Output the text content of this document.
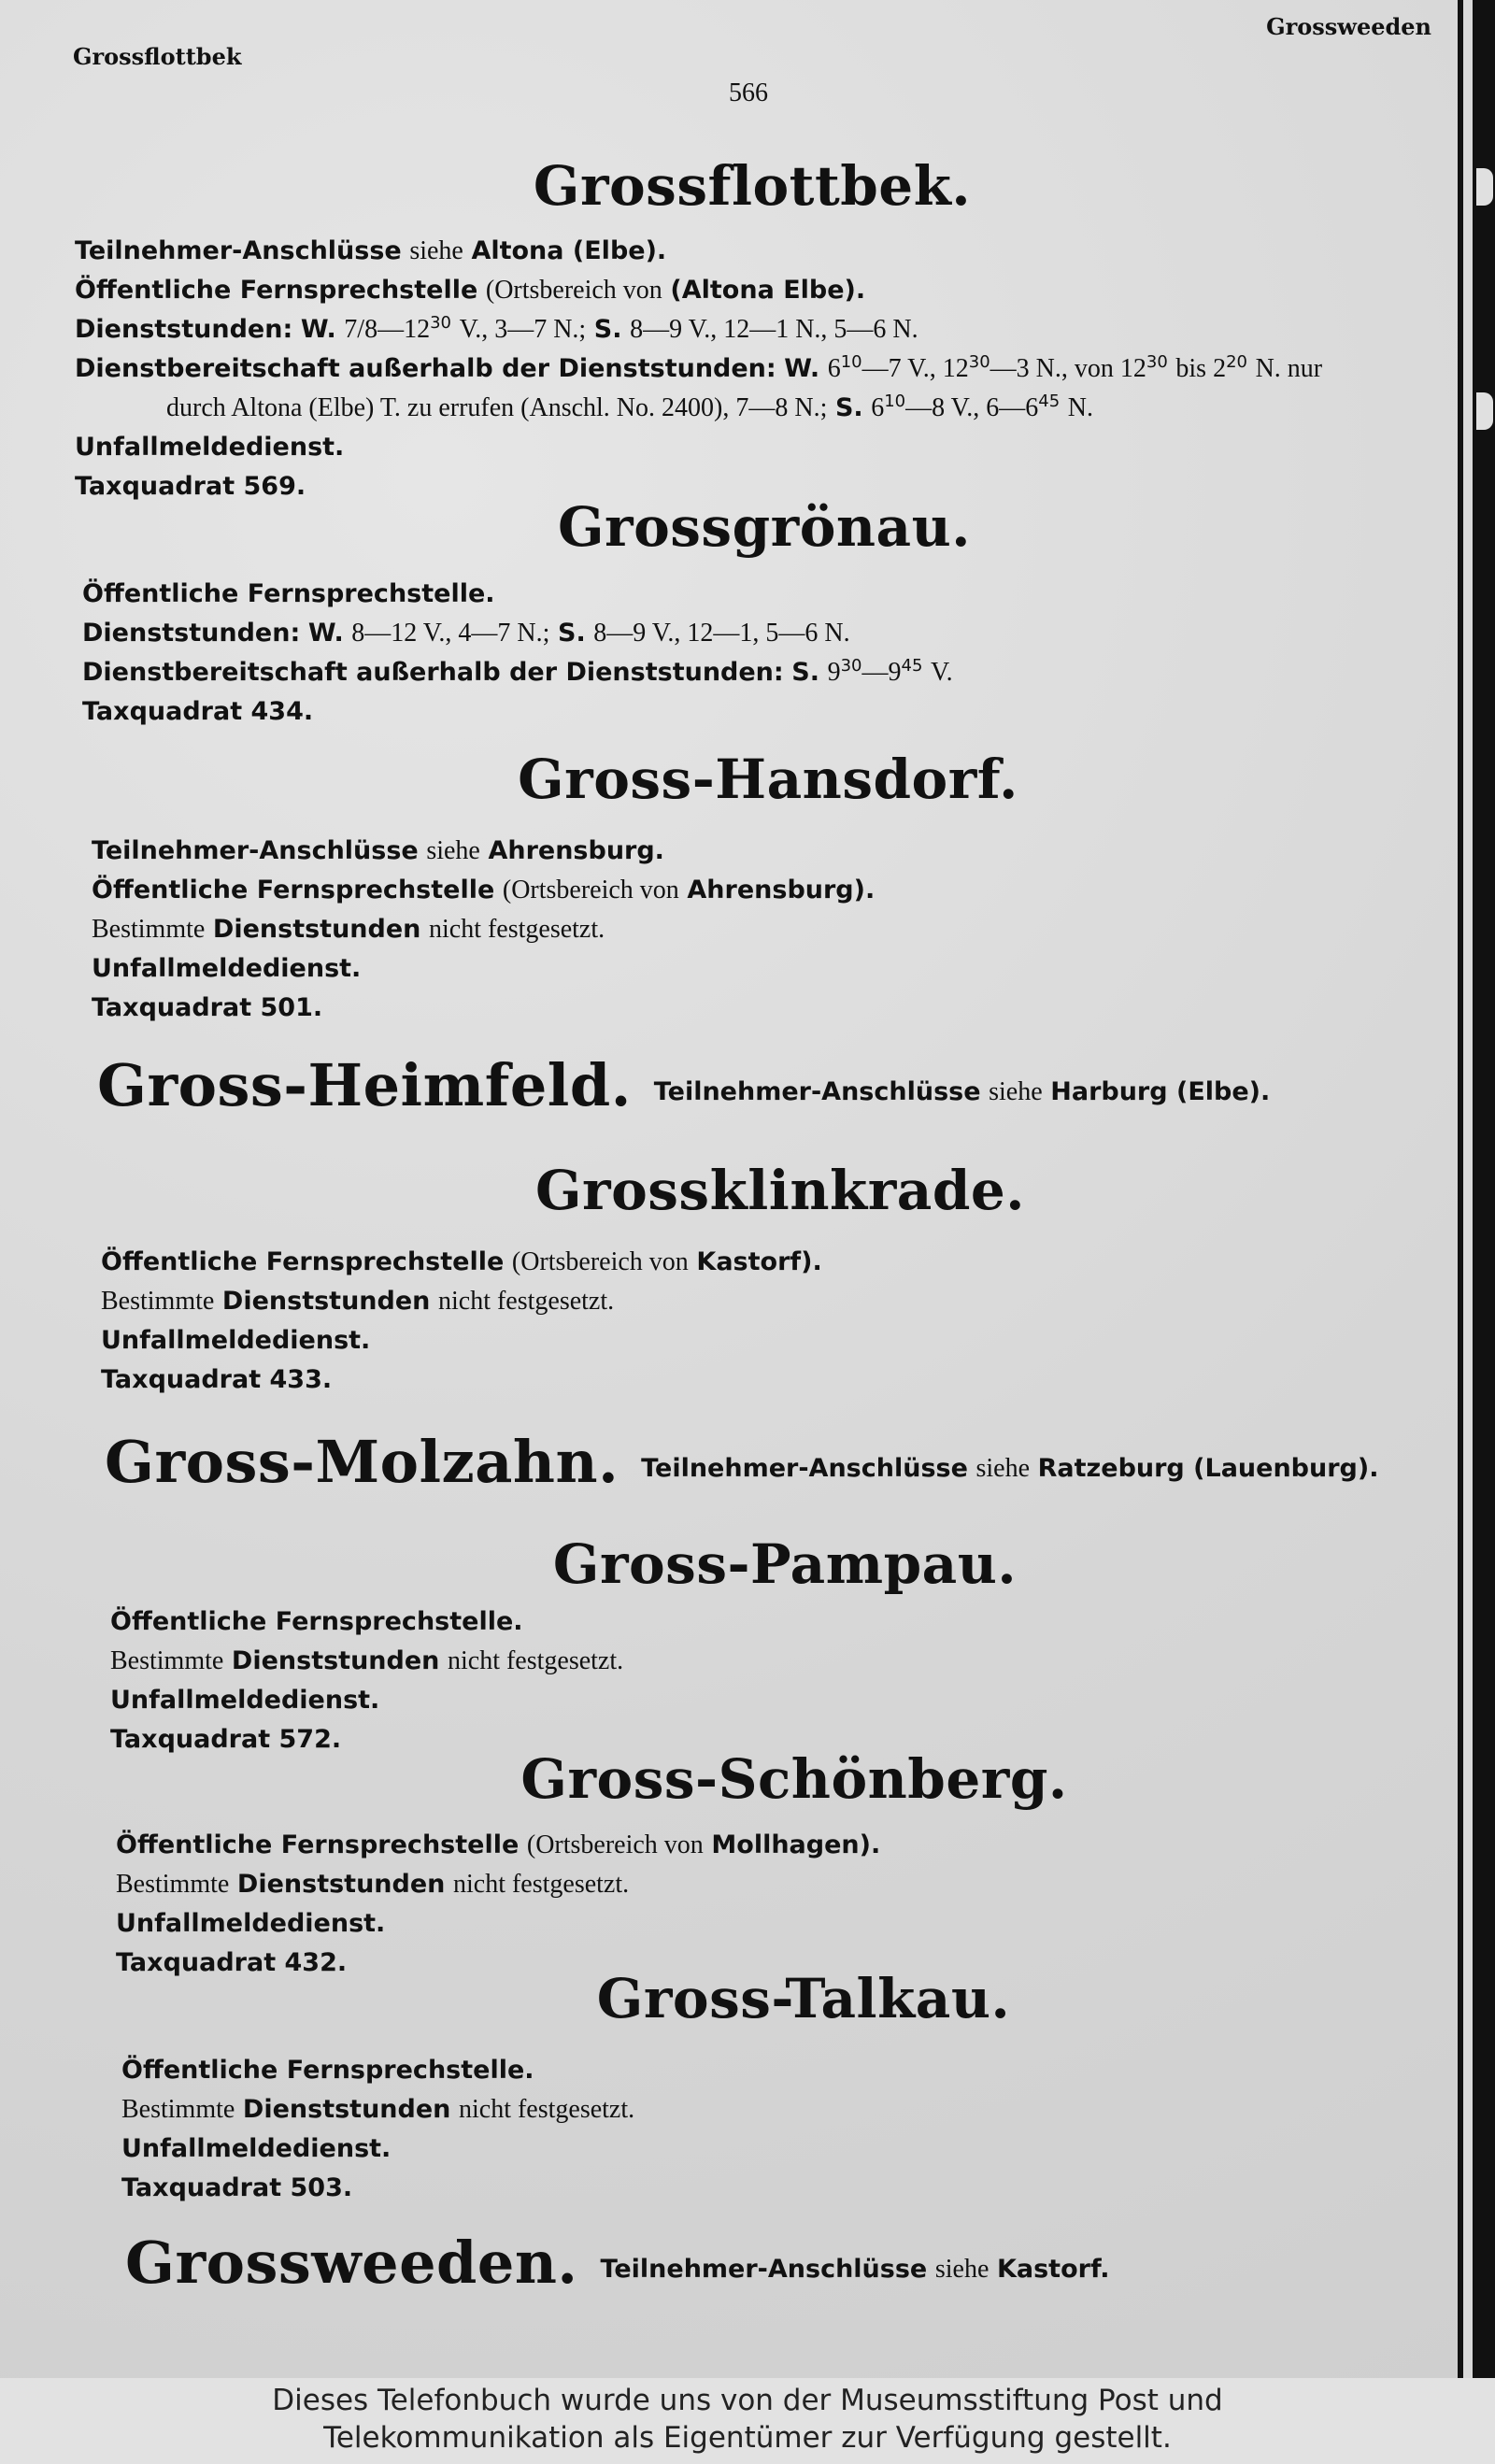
Grossflottbek
Grossweeden
566
Grossflottbek.
Teilnehmer-Anschlüsse siehe Altona (Elbe).
Öffentliche Fernsprechstelle (Ortsbereich von (Altona Elbe).
Dienststunden: W. $7/8—12^{30}$ V., 3—7 N.; S. 8—9 V., 12—1 N., 5—6 N.
Dienstbereitschaft außerhalb der Dienststunden: W. $6^{10}—7$ V., $12^{30}—3$ N., von $12^{30}$ bis $2^{20}$ N. nur
durch Altona (Elbe) T. zu errufen (Anschl. No. 2400), 7—8 N.; S. $6^{10}—8$ V., $6—6^{45}$ N.
Unfallmeldedienst.
Taxquadrat 569.
Grossgrönau.
Öffentliche Fernsprechstelle.
Dienststunden: W. 8—12 V., 4—7 N.; S. 8—9 V., 12—1, 5—6 N.
Dienstbereitschaft außerhalb der Dienststunden: S. $9^{30}—9^{45}$ V.
Taxquadrat 434.
Gross-Hansdorf.
Teilnehmer-Anschlüsse siehe Ahrensburg.
Öffentliche Fernsprechstelle (Ortsbereich von Ahrensburg).
Bestimmte Dienststunden nicht festgesetzt.
Unfallmeldedienst.
Taxquadrat 501.
Gross-Heimfeld. Teilnehmer-Anschlüsse siehe Harburg (Elbe).
Grossklinkrade.
Öffentliche Fernsprechstelle (Ortsbereich von Kastorf).
Bestimmte Dienststunden nicht festgesetzt.
Unfallmeldedienst.
Taxquadrat 433.
Gross-Molzahn. Teilnehmer-Anschlüsse siehe Ratzeburg (Lauenburg).
Gross-Pampau.
Öffentliche Fernsprechstelle.
Bestimmte Dienststunden nicht festgesetzt.
Unfallmeldedienst.
Taxquadrat 572.
Gross-Schönberg.
Öffentliche Fernsprechstelle (Ortsbereich von Mollhagen).
Bestimmte Dienststunden nicht festgesetzt.
Unfallmeldedienst.
Taxquadrat 432.
Gross-Talkau.
Öffentliche Fernsprechstelle.
Bestimmte Dienststunden nicht festgesetzt.
Unfallmeldedienst.
Taxquadrat 503.
Grossweeden. Teilnehmer-Anschlüsse siehe Kastorf.
Dieses Telefonbuch wurde uns von der Museumsstiftung Post und
Telekommunikation als Eigentümer zur Verfügung gestellt.
